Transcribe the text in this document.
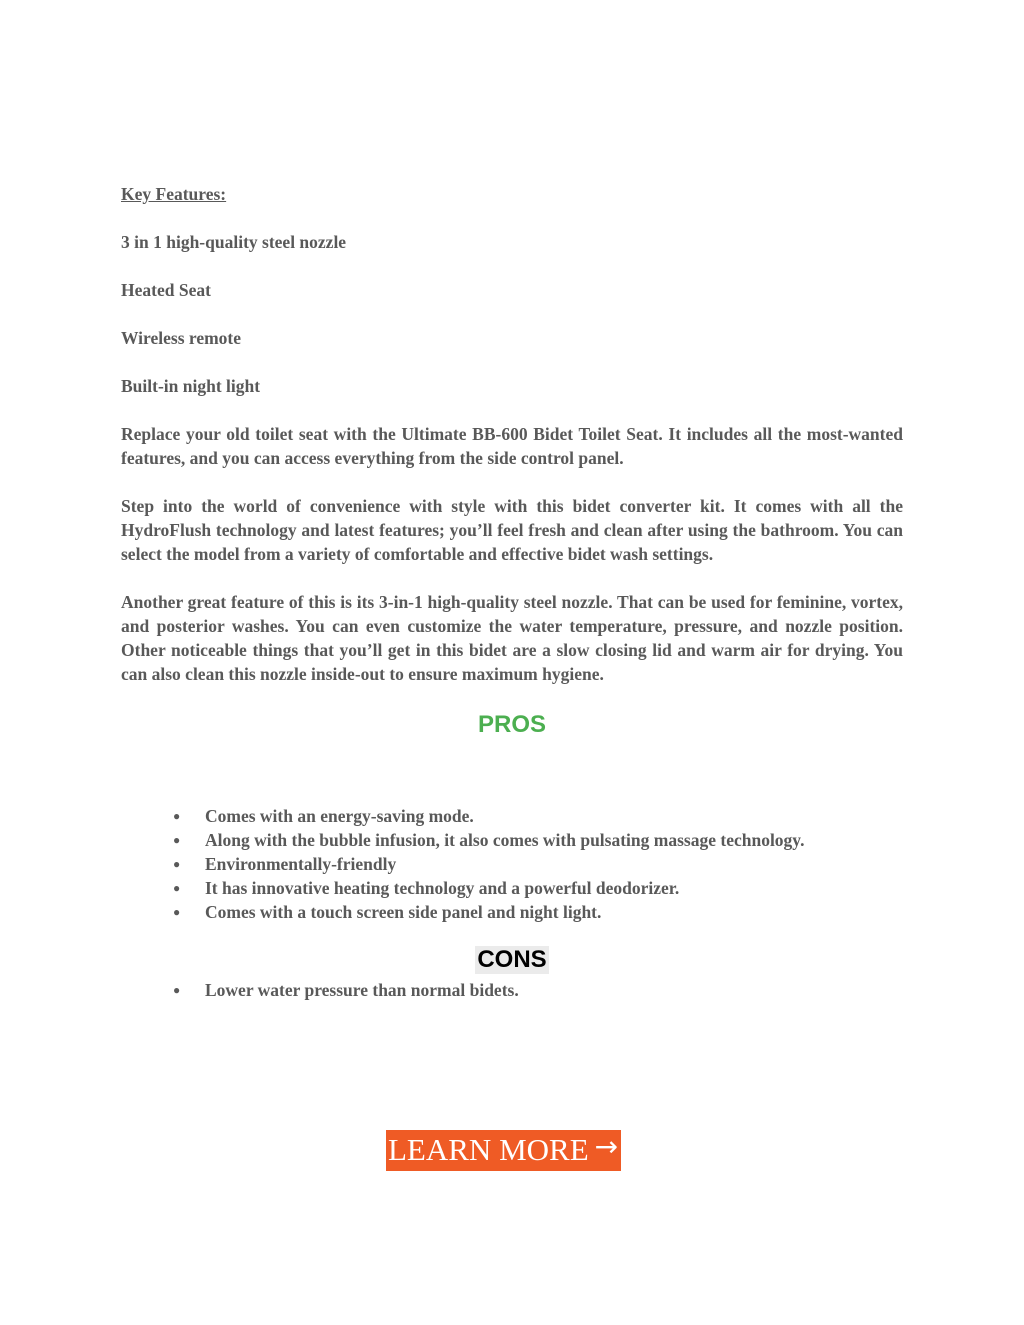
Key Features:

3 in 1 high-quality steel nozzle

Heated Seat

Wireless remote

Built-in night light

Replace your old toilet seat with the Ultimate BB-600 Bidet Toilet Seat. It includes all the most-wanted features, and you can access everything from the side control panel.

Step into the world of convenience with style with this bidet converter kit. It comes with all the HydroFlush technology and latest features; you’ll feel fresh and clean after using the bathroom. You can select the model from a variety of comfortable and effective bidet wash settings.

Another great feature of this is its 3-in-1 high-quality steel nozzle. That can be used for feminine, vortex, and posterior washes. You can even customize the water temperature, pressure, and nozzle position. Other noticeable things that you’ll get in this bidet are a slow closing lid and warm air for drying. You can also clean this nozzle inside-out to ensure maximum hygiene.

PROS

● Comes with an energy-saving mode.
● Along with the bubble infusion, it also comes with pulsating massage technology.
● Environmentally-friendly
● It has innovative heating technology and a powerful deodorizer.
● Comes with a touch screen side panel and night light.

CONS

● Lower water pressure than normal bidets.
LEARN MORE →
